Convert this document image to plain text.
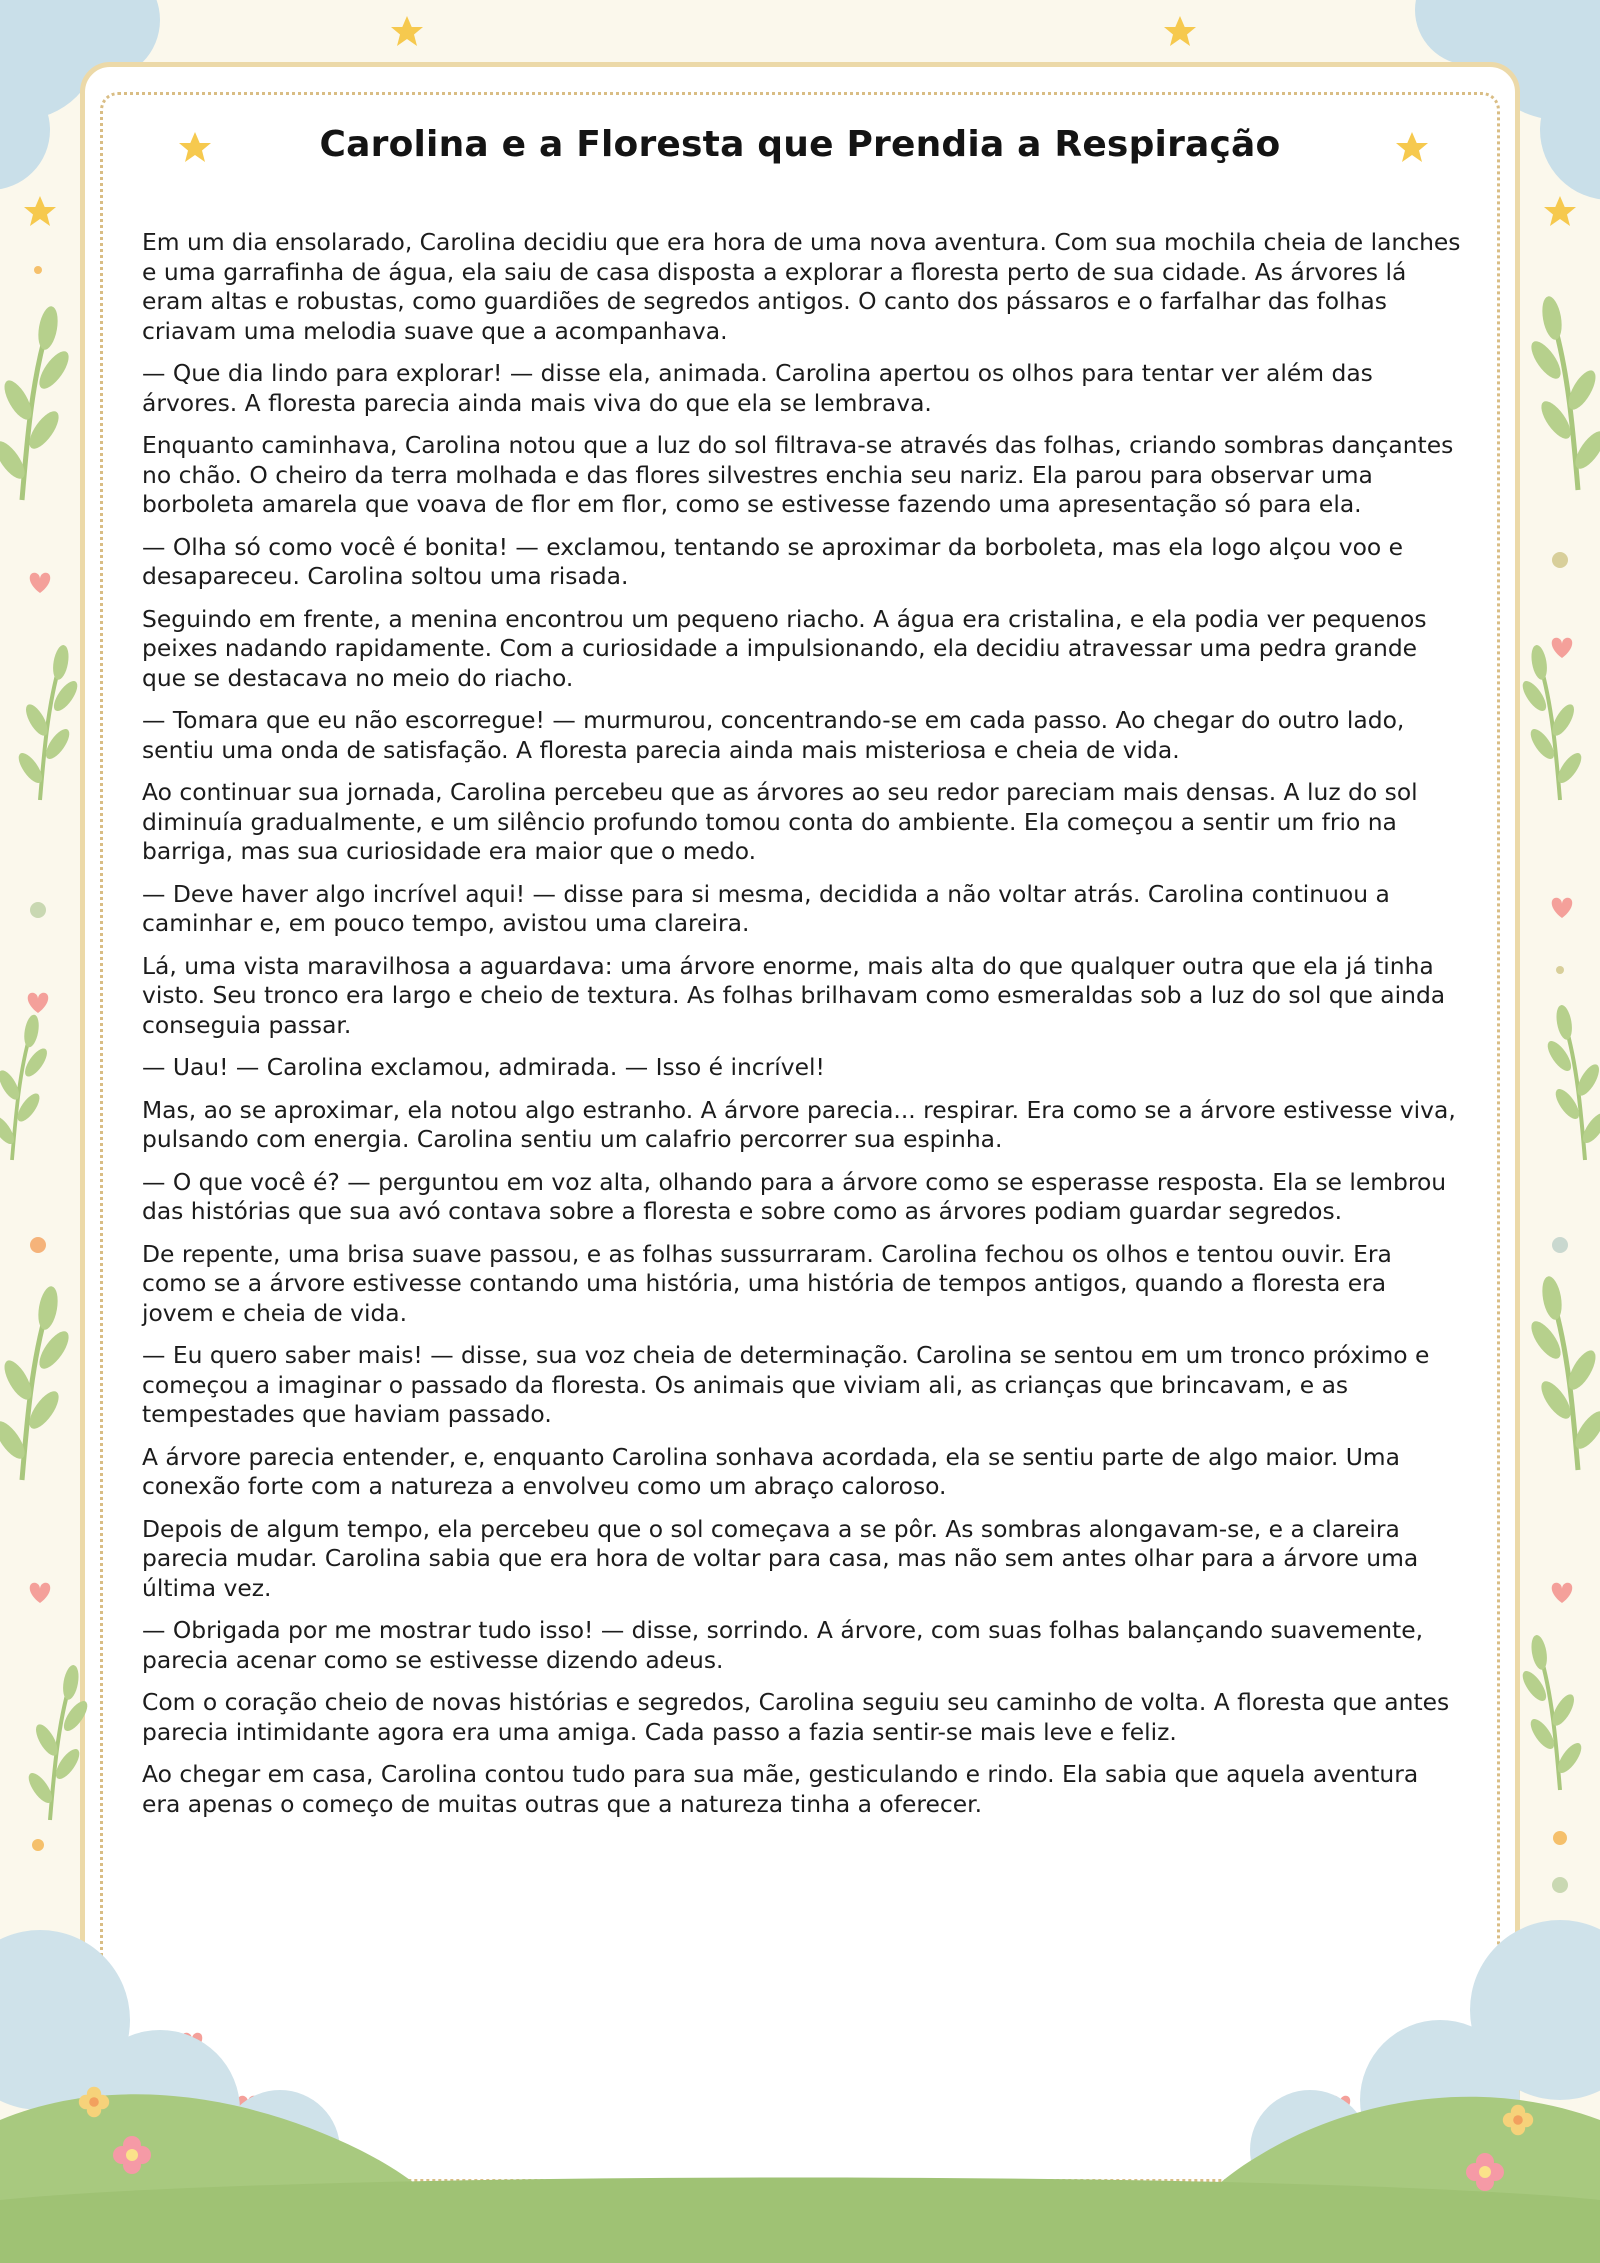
Carolina e a Floresta que Prendia a Respiração

Em um dia ensolarado, Carolina decidiu que era hora de uma nova aventura. Com sua mochila cheia de lanches e uma garrafinha de água, ela saiu de casa disposta a explorar a floresta perto de sua cidade. As árvores lá eram altas e robustas, como guardiões de segredos antigos. O canto dos pássaros e o farfalhar das folhas criavam uma melodia suave que a acompanhava.

— Que dia lindo para explorar! — disse ela, animada. Carolina apertou os olhos para tentar ver além das árvores. A floresta parecia ainda mais viva do que ela se lembrava.

Enquanto caminhava, Carolina notou que a luz do sol filtrava-se através das folhas, criando sombras dançantes no chão. O cheiro da terra molhada e das flores silvestres enchia seu nariz. Ela parou para observar uma borboleta amarela que voava de flor em flor, como se estivesse fazendo uma apresentação só para ela.

— Olha só como você é bonita! — exclamou, tentando se aproximar da borboleta, mas ela logo alçou voo e desapareceu. Carolina soltou uma risada.

Seguindo em frente, a menina encontrou um pequeno riacho. A água era cristalina, e ela podia ver pequenos peixes nadando rapidamente. Com a curiosidade a impulsionando, ela decidiu atravessar uma pedra grande que se destacava no meio do riacho.

— Tomara que eu não escorregue! — murmurou, concentrando-se em cada passo. Ao chegar do outro lado, sentiu uma onda de satisfação. A floresta parecia ainda mais misteriosa e cheia de vida.

Ao continuar sua jornada, Carolina percebeu que as árvores ao seu redor pareciam mais densas. A luz do sol diminuía gradualmente, e um silêncio profundo tomou conta do ambiente. Ela começou a sentir um frio na barriga, mas sua curiosidade era maior que o medo.

— Deve haver algo incrível aqui! — disse para si mesma, decidida a não voltar atrás. Carolina continuou a caminhar e, em pouco tempo, avistou uma clareira.

Lá, uma vista maravilhosa a aguardava: uma árvore enorme, mais alta do que qualquer outra que ela já tinha visto. Seu tronco era largo e cheio de textura. As folhas brilhavam como esmeraldas sob a luz do sol que ainda conseguia passar.

— Uau! — Carolina exclamou, admirada. — Isso é incrível!

Mas, ao se aproximar, ela notou algo estranho. A árvore parecia... respirar. Era como se a árvore estivesse viva, pulsando com energia. Carolina sentiu um calafrio percorrer sua espinha.

— O que você é? — perguntou em voz alta, olhando para a árvore como se esperasse resposta. Ela se lembrou das histórias que sua avó contava sobre a floresta e sobre como as árvores podiam guardar segredos.

De repente, uma brisa suave passou, e as folhas sussurraram. Carolina fechou os olhos e tentou ouvir. Era como se a árvore estivesse contando uma história, uma história de tempos antigos, quando a floresta era jovem e cheia de vida.

— Eu quero saber mais! — disse, sua voz cheia de determinação. Carolina se sentou em um tronco próximo e começou a imaginar o passado da floresta. Os animais que viviam ali, as crianças que brincavam, e as tempestades que haviam passado.

A árvore parecia entender, e, enquanto Carolina sonhava acordada, ela se sentiu parte de algo maior. Uma conexão forte com a natureza a envolveu como um abraço caloroso.

Depois de algum tempo, ela percebeu que o sol começava a se pôr. As sombras alongavam-se, e a clareira parecia mudar. Carolina sabia que era hora de voltar para casa, mas não sem antes olhar para a árvore uma última vez.

— Obrigada por me mostrar tudo isso! — disse, sorrindo. A árvore, com suas folhas balançando suavemente, parecia acenar como se estivesse dizendo adeus.

Com o coração cheio de novas histórias e segredos, Carolina seguiu seu caminho de volta. A floresta que antes parecia intimidante agora era uma amiga. Cada passo a fazia sentir-se mais leve e feliz.

Ao chegar em casa, Carolina contou tudo para sua mãe, gesticulando e rindo. Ela sabia que aquela aventura era apenas o começo de muitas outras que a natureza tinha a oferecer.
